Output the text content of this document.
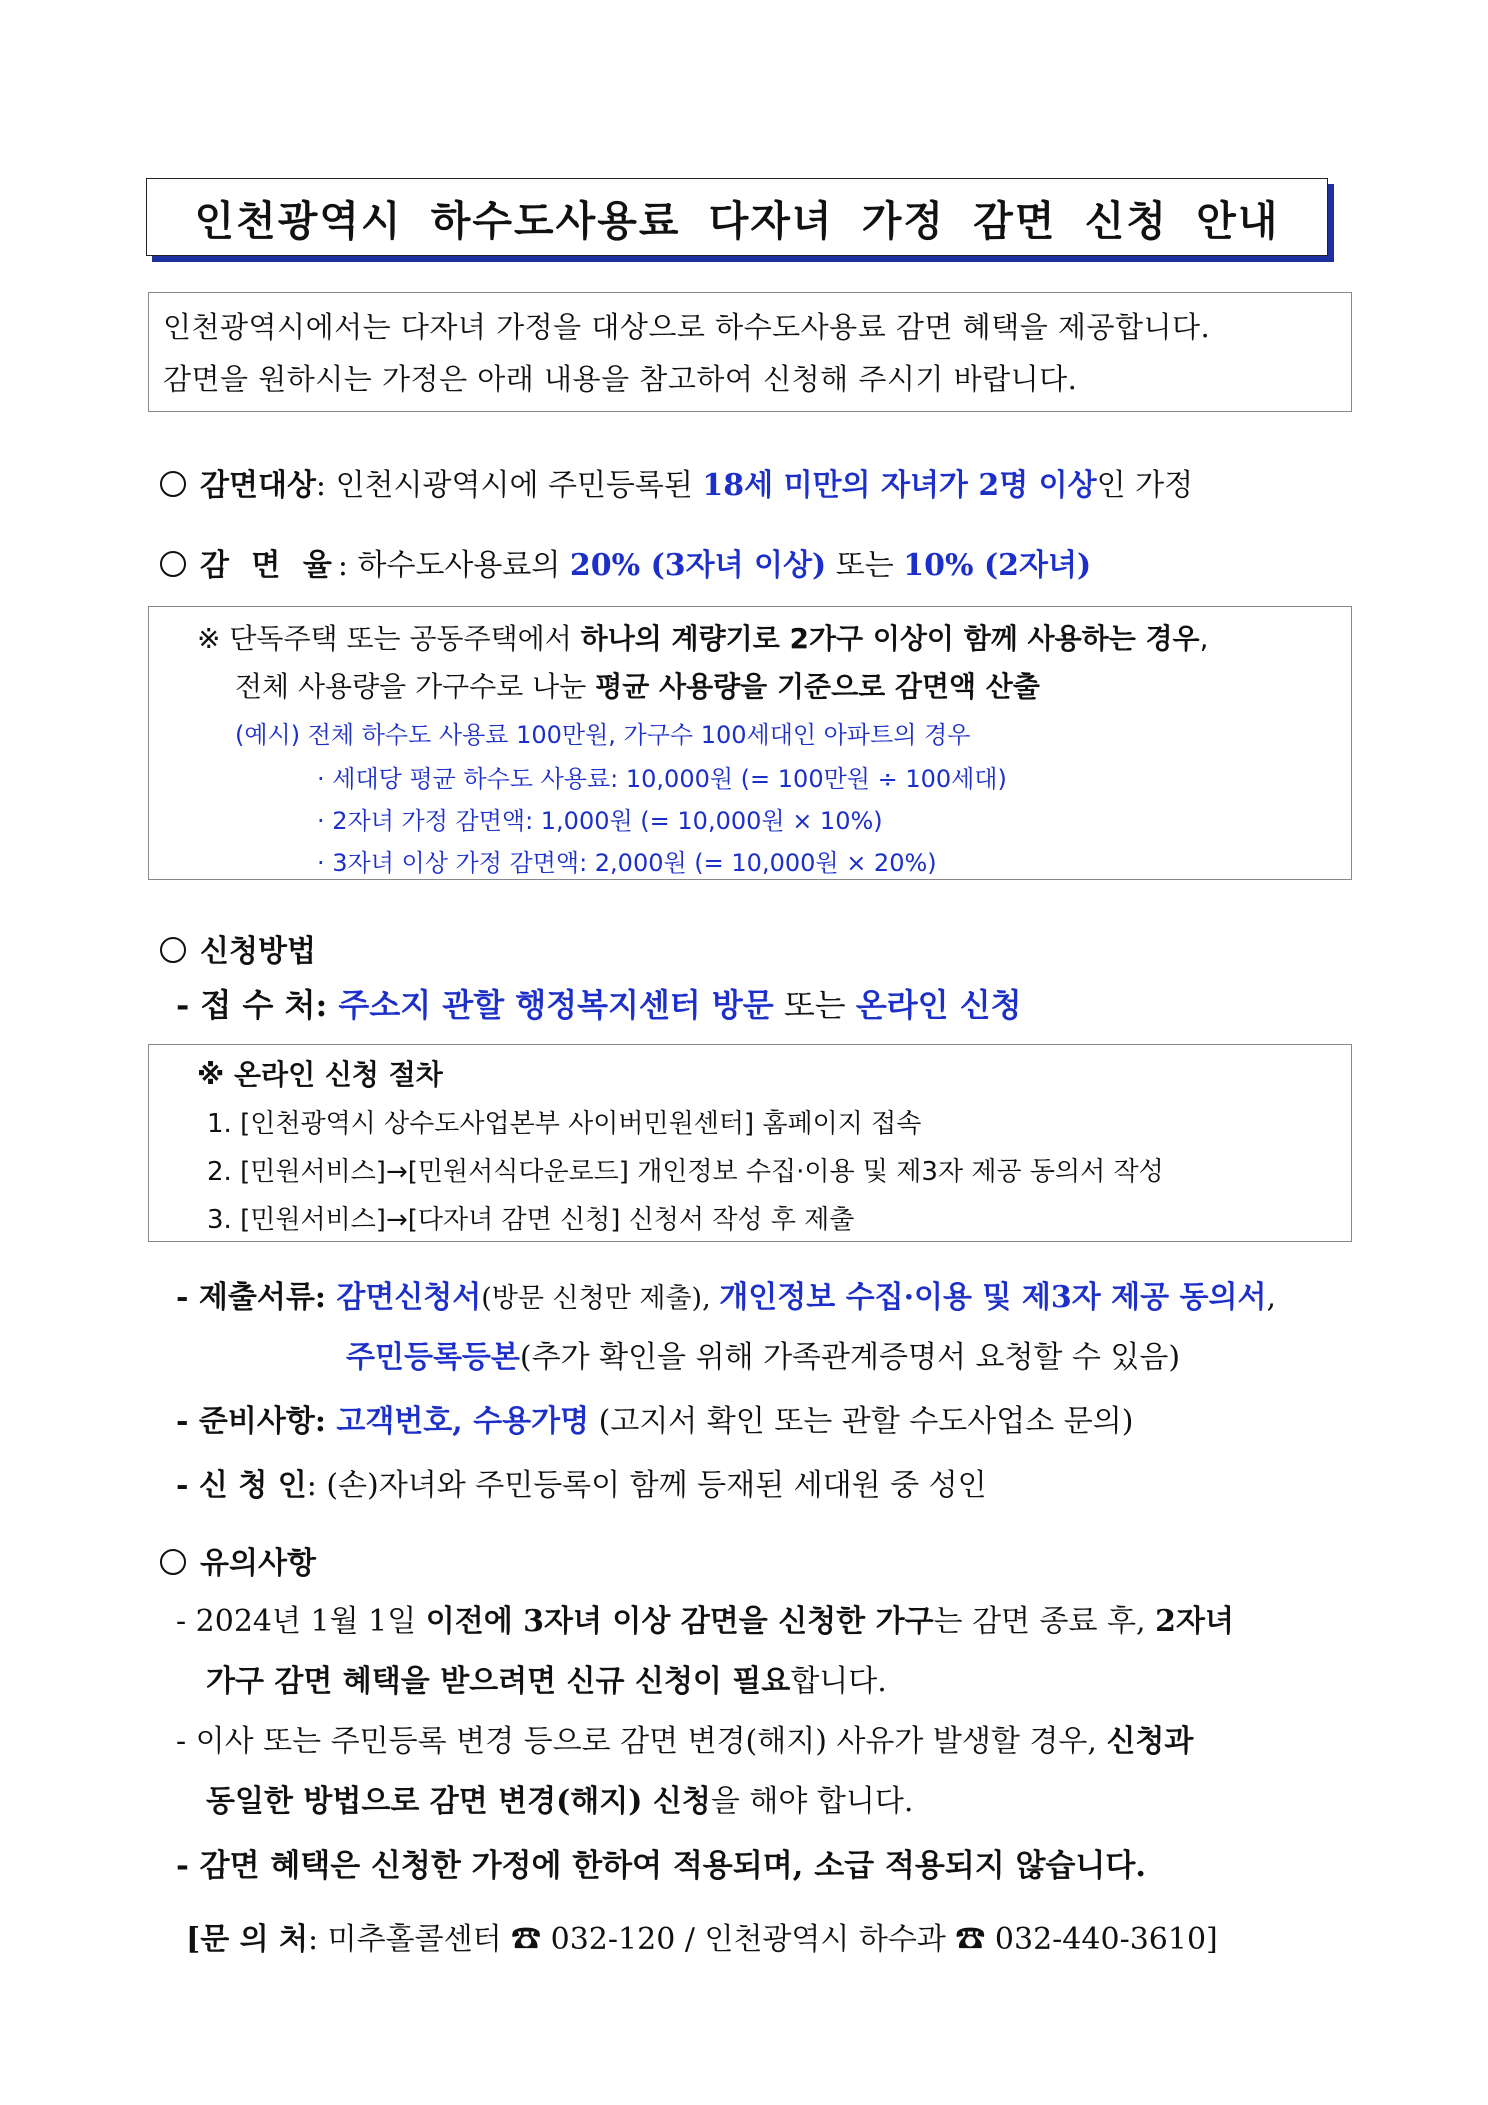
인천광역시 하수도사용료 다자녀 가정 감면 신청 안내
인천광역시에서는 다자녀 가정을 대상으로 하수도사용료 감면 혜택을 제공합니다.
감면을 원하시는 가정은 아래 내용을 참고하여 신청해 주시기 바랍니다.
감면대상: 인천시광역시에 주민등록된 18세 미만의 자녀가 2명 이상인 가정
감 면 율: 하수도사용료의 20% (3자녀 이상) 또는 10% (2자녀)
※ 단독주택 또는 공동주택에서 하나의 계량기로 2가구 이상이 함께 사용하는 경우,
전체 사용량을 가구수로 나눈 평균 사용량을 기준으로 감면액 산출
(예시) 전체 하수도 사용료 100만원, 가구수 100세대인 아파트의 경우
· 세대당 평균 하수도 사용료: 10,000원 (= 100만원 ÷ 100세대)
· 2자녀 가정 감면액: 1,000원 (= 10,000원 × 10%)
· 3자녀 이상 가정 감면액: 2,000원 (= 10,000원 × 20%)
신청방법
- 접 수 처: 주소지 관할 행정복지센터 방문 또는 온라인 신청
※ 온라인 신청 절차
1. [인천광역시 상수도사업본부 사이버민원센터] 홈페이지 접속
2. [민원서비스]→[민원서식다운로드] 개인정보 수집·이용 및 제3자 제공 동의서 작성
3. [민원서비스]→[다자녀 감면 신청] 신청서 작성 후 제출
- 제출서류: 감면신청서(방문 신청만 제출), 개인정보 수집·이용 및 제3자 제공 동의서,
주민등록등본(추가 확인을 위해 가족관계증명서 요청할 수 있음)
- 준비사항: 고객번호, 수용가명 (고지서 확인 또는 관할 수도사업소 문의)
- 신 청 인: (손)자녀와 주민등록이 함께 등재된 세대원 중 성인
유의사항
- 2024년 1월 1일 이전에 3자녀 이상 감면을 신청한 가구는 감면 종료 후, 2자녀
가구 감면 혜택을 받으려면 신규 신청이 필요합니다.
- 이사 또는 주민등록 변경 등으로 감면 변경(해지) 사유가 발생할 경우, 신청과
동일한 방법으로 감면 변경(해지) 신청을 해야 합니다.
- 감면 혜택은 신청한 가정에 한하여 적용되며, 소급 적용되지 않습니다.
[문 의 처: 미추홀콜센터 ☎ 032-120 / 인천광역시 하수과 ☎ 032-440-3610]
